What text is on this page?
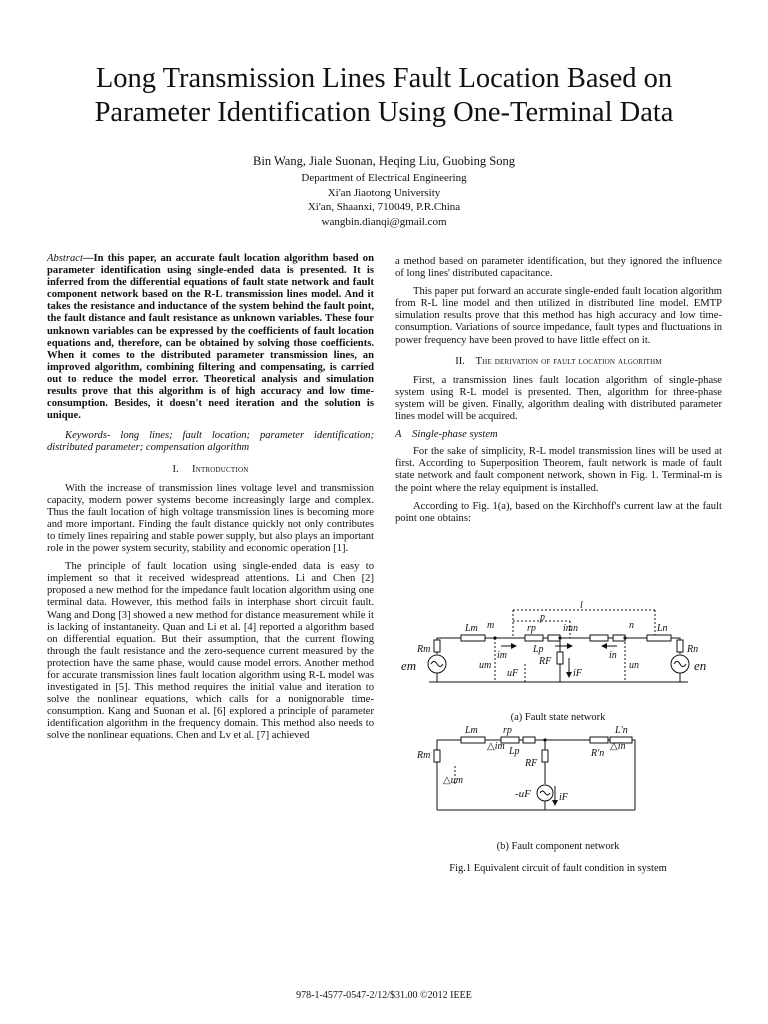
Long Transmission Lines Fault Location Based on
Parameter Identification Using One-Terminal Data
Bin Wang, Jiale Suonan, Heqing Liu, Guobing Song
Department of Electrical Engineering
Xi'an Jiaotong University
Xi'an, Shaanxi, 710049, P.R.China
wangbin.dianqi@gmail.com

Abstract—In this paper, an accurate fault location algorithm based on parameter identification using single-ended data is presented. It is inferred from the differential equations of fault state network and fault component network based on the R-L transmission lines model. And it takes the resistance and inductance of the system behind the fault point, the fault distance and fault resistance as unknown variables. These four unknown variables can be expressed by the coefficients of fault location equations and, therefore, can be obtained by solving those coefficients. When it comes to the distributed parameter transmission lines, an improved algorithm, combining filtering and compensating, is carried out to reduce the model error. Theoretical analysis and simulation results prove that this algorithm is of high accuracy and low time-consumption. Besides, it doesn't need iteration and the solution is unique.

Keywords- long lines; fault location; parameter identification; distributed parameter; compensation algorithm

I. Introduction

With the increase of transmission lines voltage level and transmission capacity, modern power systems become increasingly large and complex. Thus the fault location of high voltage transmission lines is becoming more and more important. Finding the fault distance quickly not only contributes to timely lines repairing and stable power supply, but also plays an important role in the power system security, stability and economic operation [1].

The principle of fault location using single-ended data is easy to implement so that it received widespread attentions. Li and Chen [2] proposed a new method for the impedance fault location algorithm using one terminal data. However, this method fails in interphase short circuit fault. Wang and Dong [3] showed a new method for distance measurement while it is lacking of instantaneity. Quan and Li et al. [4] reported a algorithm based on differential equation. But their assumption, that the current flowing through the fault resistance and the zero-sequence current measured by the protection have the same phase, would cause model errors. Another method for accurate transmission lines fault location algorithm using R-L model was investigated in [5]. This method requires the initial value and iteration to solve the nonlinear equations, which calls for a nonignorable time-consumption. Kang and Suonan et al. [6] explored a principle of parameter identification algorithm in the frequency domain. This method also needs to solve the nonlinear equations. Chen and Lv et al. [7] achieved

a method based on parameter identification, but they ignored the influence of long lines' distributed capacitance.

This paper put forward an accurate single-ended fault location algorithm from R-L line model and then utilized in distributed line model. EMTP simulation results prove that this method has high accuracy and low time-consumption. Variations of source impedance, fault types and fluctuations in power frequency have been proved to have little effect on it.

II. The derivation of fault location algorithm

First, a transmission lines fault location algorithm of single-phase system using R-L model is presented. Then, algorithm for three-phase system will be given. Finally, algorithm dealing with distributed parameter lines model will be acquired.

A Single-phase system

For the sake of simplicity, R-L model transmission lines will be used at first. According to Superposition Theorem, fault network is made of fault state network and fault component network, shown in Fig. 1. Terminal-m is the point where the relay equipment is installed.

According to Fig. 1(a), based on the Kirchhoff's current law at the fault point one obtains:

l
p
m	n
Lm	rp
Lp
im
imn
in
Ln
Rm	Rn
RF
iF
um	un
uF
em	en
Lm	rp
Lp
L'n
R'n
Rm
RF
iF
△im	△in
△um
-uF
(a) Fault state network
(b) Fault component network
Fig.1 Equivalent circuit of fault condition in system
978-1-4577-0547-2/12/$31.00 ©2012 IEEE
